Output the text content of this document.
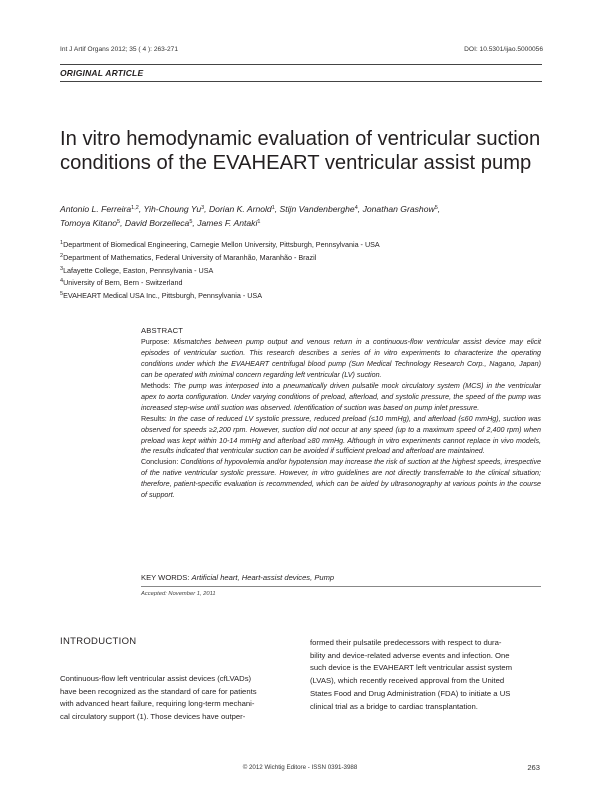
Int J Artif Organs 2012; 35 ( 4 ): 263-271	DOI: 10.5301/ijao.5000056
ORIGINAL ARTICLE
In vitro hemodynamic evaluation of ventricular suction conditions of the EVAHEART ventricular assist pump
Antonio L. Ferreira$^{1,2}$, Yih-Choung Yu$^3$, Dorian K. Arnold$^1$, Stijn Vandenberghe$^4$, Jonathan Grashow$^5$,
Tomoya Kitano$^5$, David Borzelleca$^5$, James F. Antaki$^1$
$^1$Department of Biomedical Engineering, Carnegie Mellon University, Pittsburgh, Pennsylvania - USA
$^2$Department of Mathematics, Federal University of Maranhão, Maranhão - Brazil
$^3$Lafayette College, Easton, Pennsylvania - USA
$^4$University of Bern, Bern - Switzerland
$^5$EVAHEART Medical USA Inc., Pittsburgh, Pennsylvania - USA

ABSTRACT

Purpose: Mismatches between pump output and venous return in a continuous-flow ventricular assist device may elicit episodes of ventricular suction. This research describes a series of in vitro experiments to characterize the operating conditions under which the EVAHEART centrifugal blood pump (Sun Medical Technology Research Corp., Nagano, Japan) can be operated with minimal concern regarding left ventricular (LV) suction.

Methods: The pump was interposed into a pneumatically driven pulsatile mock circulatory system (MCS) in the ventricular apex to aorta configuration. Under varying conditions of preload, afterload, and systolic pressure, the speed of the pump was increased step-wise until suction was observed. Identification of suction was based on pump inlet pressure.

Results: In the case of reduced LV systolic pressure, reduced preload (≤10 mmHg), and afterload (≤60 mmHg), suction was observed for speeds ≥2,200 rpm. However, suction did not occur at any speed (up to a maximum speed of 2,400 rpm) when preload was kept within 10-14 mmHg and afterload ≥80 mmHg. Although in vitro experiments cannot replace in vivo models, the results indicated that ventricular suction can be avoided if sufficient preload and afterload are maintained.

Conclusion: Conditions of hypovolemia and/or hypotension may increase the risk of suction at the highest speeds, irrespective of the native ventricular systolic pressure. However, in vitro guidelines are not directly transferrable to the clinical situation; therefore, patient-specific evaluation is recommended, which can be aided by ultrasonography at various points in the course of support.

KEY WORDS: Artificial heart, Heart-assist devices, Pump
Accepted: November 1, 2011
INTRODUCTION
Continuous-flow left ventricular assist devices (cfLVADs)
have been recognized as the standard of care for patients
with advanced heart failure, requiring long-term mechani-
cal circulatory support (1). Those devices have outper-
formed their pulsatile predecessors with respect to dura-
bility and device-related adverse events and infection. One
such device is the EVAHEART left ventricular assist system
(LVAS), which recently received approval from the United
States Food and Drug Administration (FDA) to initiate a US
clinical trial as a bridge to cardiac transplantation.
© 2012 Wichtig Editore - ISSN 0391-3988	263
